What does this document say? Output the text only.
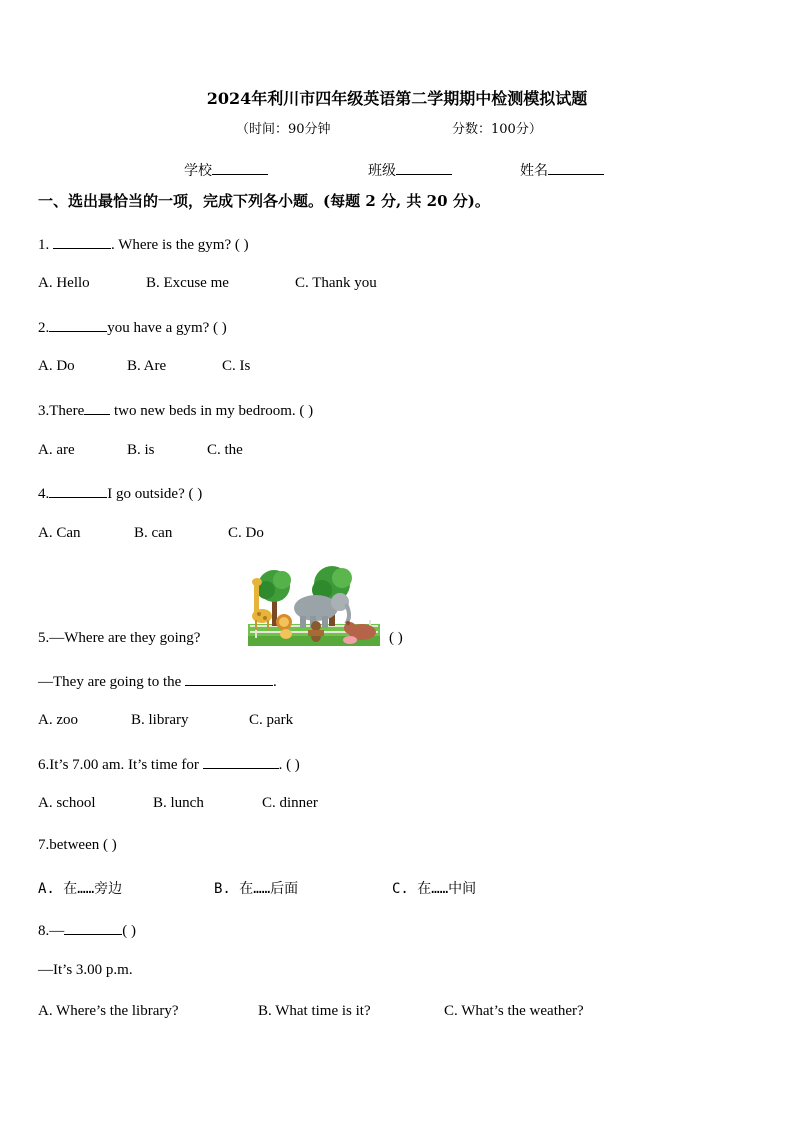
2024年利川市四年级英语第二学期期中检测模拟试题
（时间：90分钟	分数：100分）
学校	班级	姓名
一、选出最恰当的一项，完成下列各小题。(每题 2 分, 共 20 分)。
1.	. Where is the gym? ( )
A. Hello	B. Excuse me	C. Thank you
2.	you have a gym? ( )
A. Do	B. Are	C. Is
3.There two new beds in my bedroom. ( )
A. are	B. is	C. the
4.	I go outside? ( )
A. Can	B. can	C. Do
5.—Where are they going?	( )
—They are going to the	.
A. zoo	B. library	C. park
6.It’s 7.00 am. It’s time for	. ( )
A. school	B. lunch	C. dinner
7.between ( )
A. 在……旁边	B. 在……后面	C. 在……中间
8.—	( )
—It’s 3.00 p.m.
A. Where’s the library?	B. What time is it?	C. What’s the weather?
